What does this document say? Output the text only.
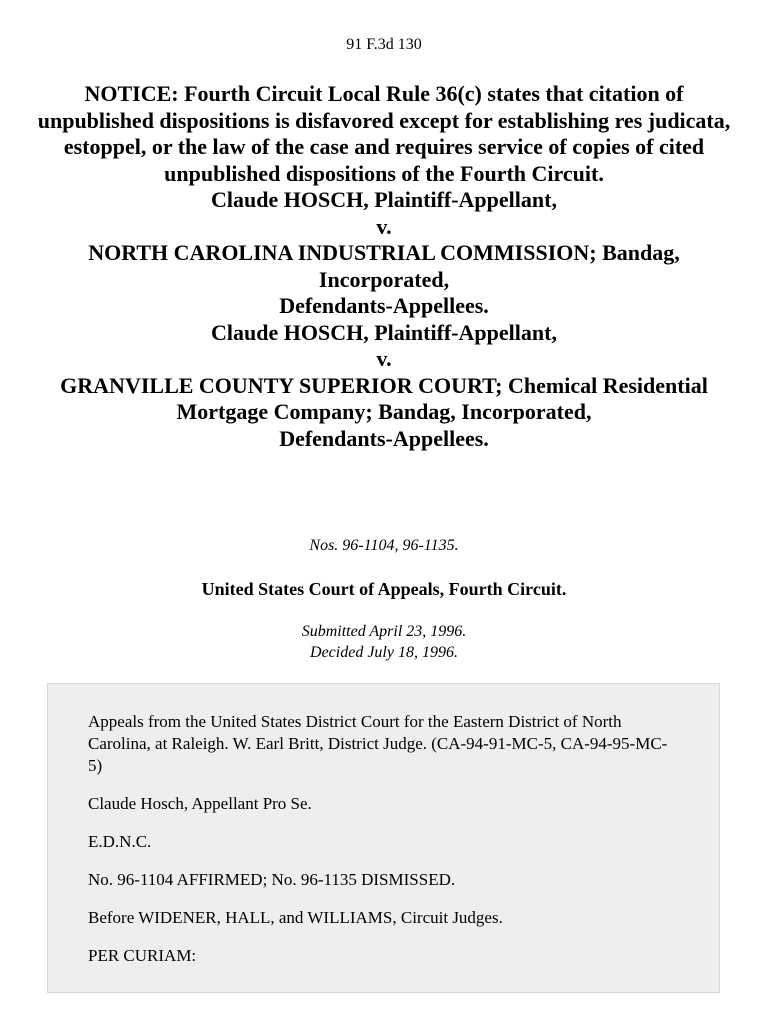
91 F.3d 130
NOTICE: Fourth Circuit Local Rule 36(c) states that citation of unpublished dispositions is disfavored except for establishing res judicata, estoppel, or the law of the case and requires service of copies of cited unpublished dispositions of the Fourth Circuit.
Claude HOSCH, Plaintiff-Appellant,
v.
NORTH CAROLINA INDUSTRIAL COMMISSION; Bandag, Incorporated,
Defendants-Appellees.
Claude HOSCH, Plaintiff-Appellant,
v.
GRANVILLE COUNTY SUPERIOR COURT; Chemical Residential
Mortgage Company; Bandag, Incorporated,
Defendants-Appellees.
Nos. 96-1104, 96-1135.
United States Court of Appeals, Fourth Circuit.
Submitted April 23, 1996.
Decided July 18, 1996.

Appeals from the United States District Court for the Eastern District of North Carolina, at Raleigh. W. Earl Britt, District Judge. (CA-94-91-MC-5, CA-94-95-MC-5)

Claude Hosch, Appellant Pro Se.

E.D.N.C.

No. 96-1104 AFFIRMED; No. 96-1135 DISMISSED.

Before WIDENER, HALL, and WILLIAMS, Circuit Judges.

PER CURIAM:
